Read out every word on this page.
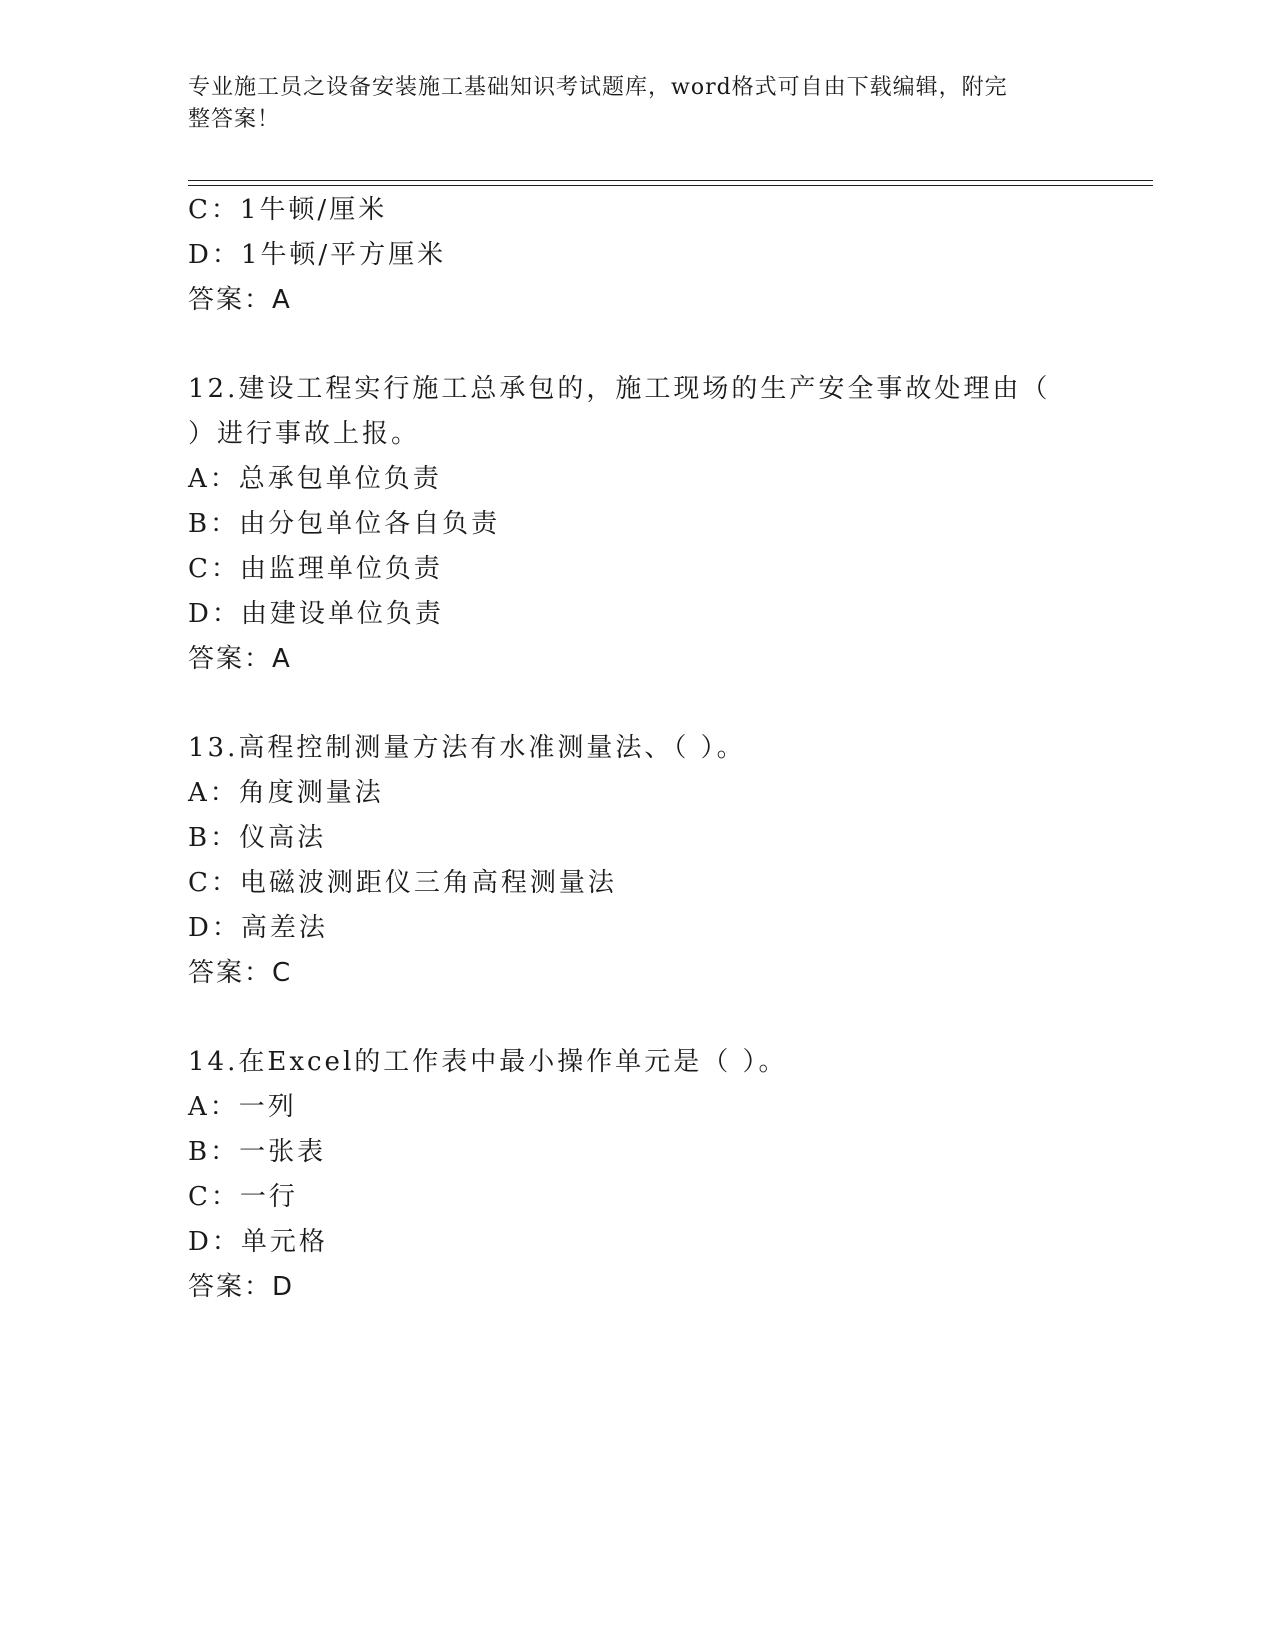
专业施工员之设备安装施工基础知识考试题库，word格式可自由下载编辑，附完
整答案！
C：1牛顿/厘米
D：1牛顿/平方厘米
答案：A
12.建设工程实行施工总承包的，施工现场的生产安全事故处理由（
）进行事故上报。
A：总承包单位负责
B：由分包单位各自负责
C：由监理单位负责
D：由建设单位负责
答案：A
13.高程控制测量方法有水准测量法、（ ）。
A：角度测量法
B：仪高法
C：电磁波测距仪三角高程测量法
D：高差法
答案：C
14.在Excel的工作表中最小操作单元是（ ）。
A：一列
B：一张表
C：一行
D：单元格
答案：D
